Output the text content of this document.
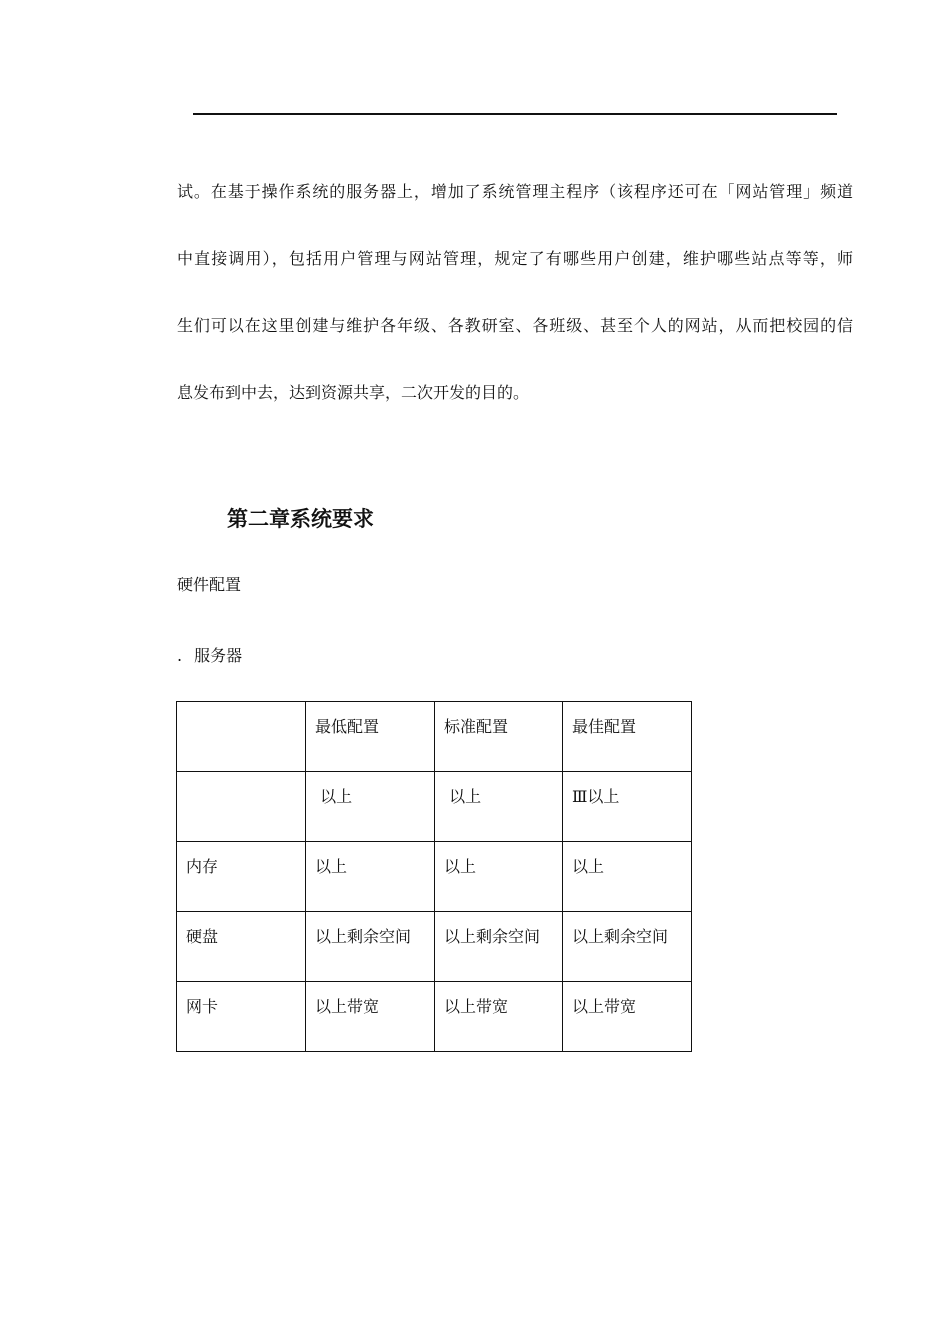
试。在基于操作系统的服务器上，增加了系统管理主程序（该程序还可在「网站管理」频道

中直接调用），包括用户管理与网站管理，规定了有哪些用户创建，维护哪些站点等等，师

生们可以在这里创建与维护各年级、各教研室、各班级、甚至个人的网站，从而把校园的信

息发布到中去，达到资源共享，二次开发的目的。

第二章系统要求

硬件配置

. 服务器

	最低配置	标准配置	最佳配置
	以上	以上	Ⅲ以上
内存	以上	以上	以上
硬盘	以上剩余空间	以上剩余空间	以上剩余空间
网卡	以上带宽	以上带宽	以上带宽
